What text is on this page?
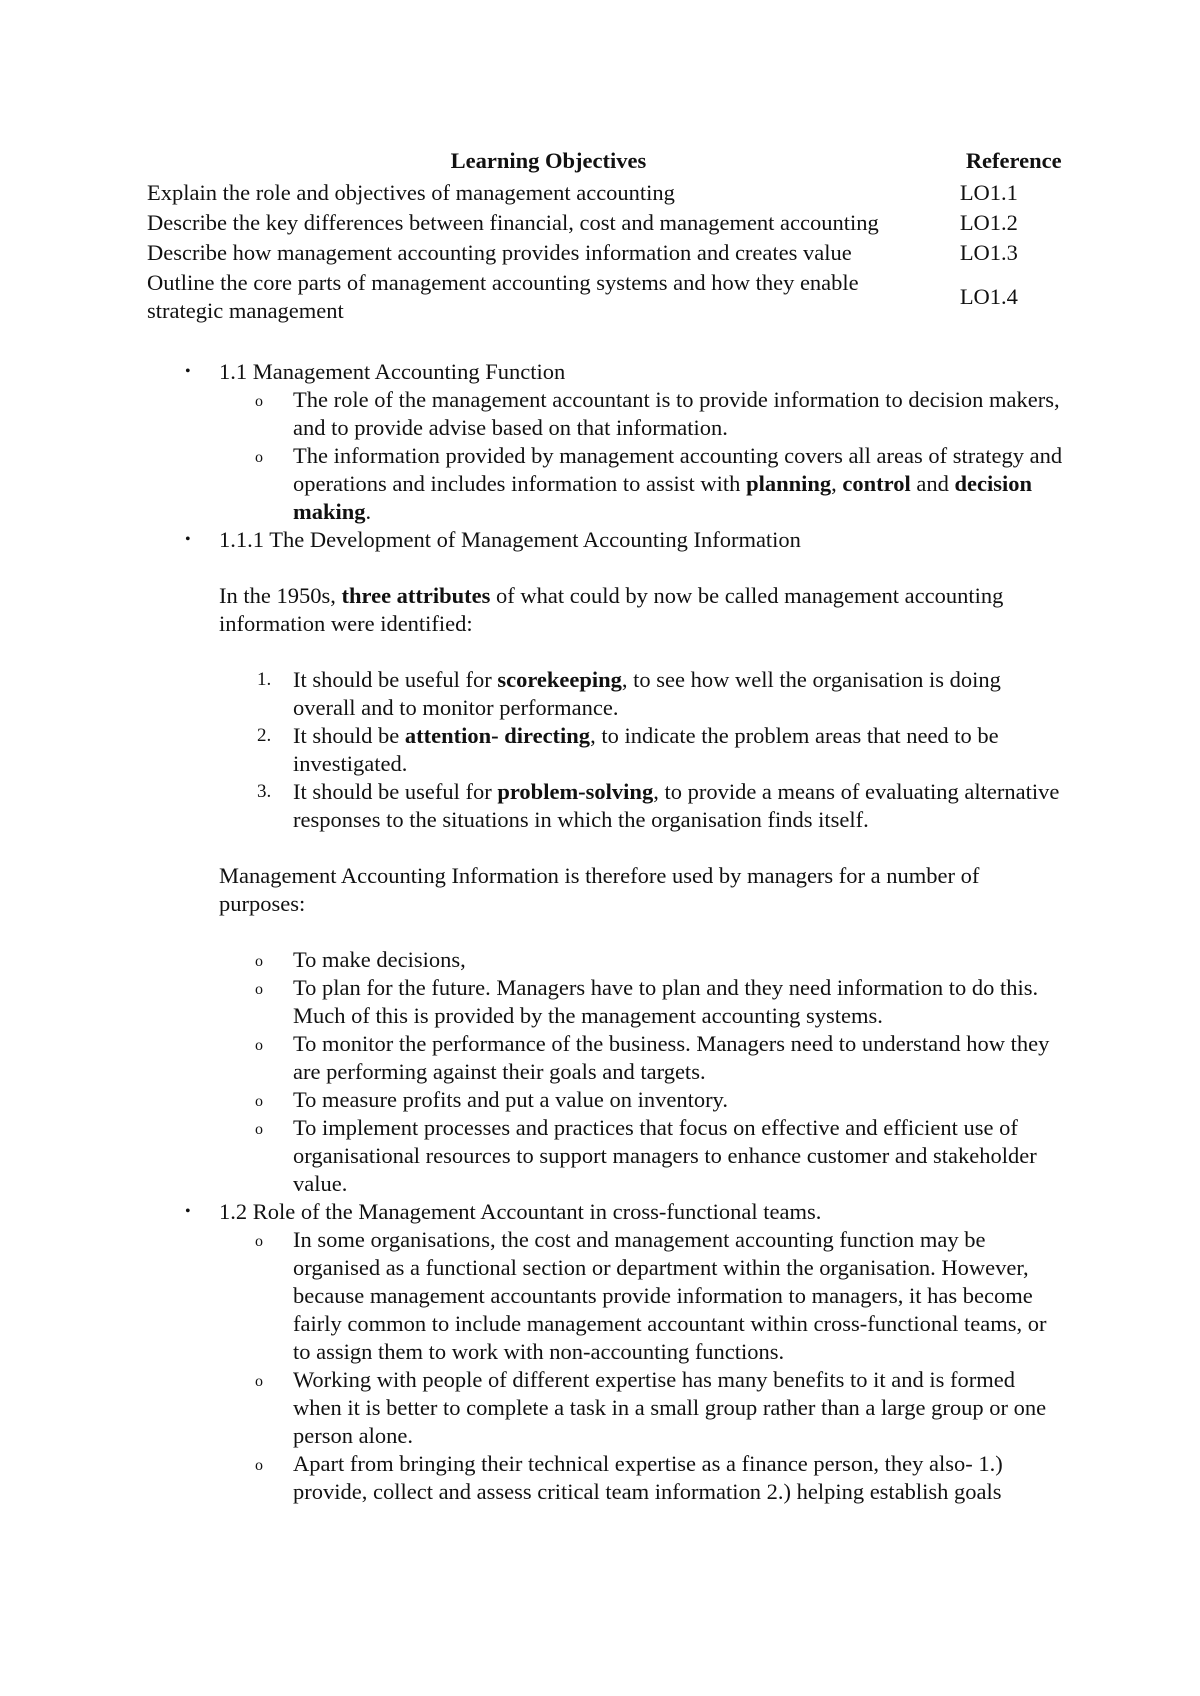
Learning Objectives	Reference
Explain the role and objectives of management accounting	LO1.1
Describe the key differences between financial, cost and management accounting	LO1.2
Describe how management accounting provides information and creates value	LO1.3
Outline the core parts of management accounting systems and how they enable strategic management	LO1.4

• 1.1 Management Accounting Function

o The role of the management accountant is to provide information to decision makers, and to provide advise based on that information.

o The information provided by management accounting covers all areas of strategy and operations and includes information to assist with planning, control and decision making.

• 1.1.1 The Development of Management Accounting Information

In the 1950s, three attributes of what could by now be called management accounting information were identified:

1. It should be useful for scorekeeping, to see how well the organisation is doing overall and to monitor performance.

2. It should be attention- directing, to indicate the problem areas that need to be investigated.

3. It should be useful for problem-solving, to provide a means of evaluating alternative responses to the situations in which the organisation finds itself.

Management Accounting Information is therefore used by managers for a number of purposes:

o To make decisions,

o To plan for the future. Managers have to plan and they need information to do this. Much of this is provided by the management accounting systems.

o To monitor the performance of the business. Managers need to understand how they are performing against their goals and targets.

o To measure profits and put a value on inventory.

o To implement processes and practices that focus on effective and efficient use of organisational resources to support managers to enhance customer and stakeholder value.

• 1.2 Role of the Management Accountant in cross-functional teams.

o In some organisations, the cost and management accounting function may be organised as a functional section or department within the organisation. However, because management accountants provide information to managers, it has become fairly common to include management accountant within cross-functional teams, or to assign them to work with non-accounting functions.

o Working with people of different expertise has many benefits to it and is formed when it is better to complete a task in a small group rather than a large group or one person alone.

o Apart from bringing their technical expertise as a finance person, they also- 1.) provide, collect and assess critical team information 2.) helping establish goals
